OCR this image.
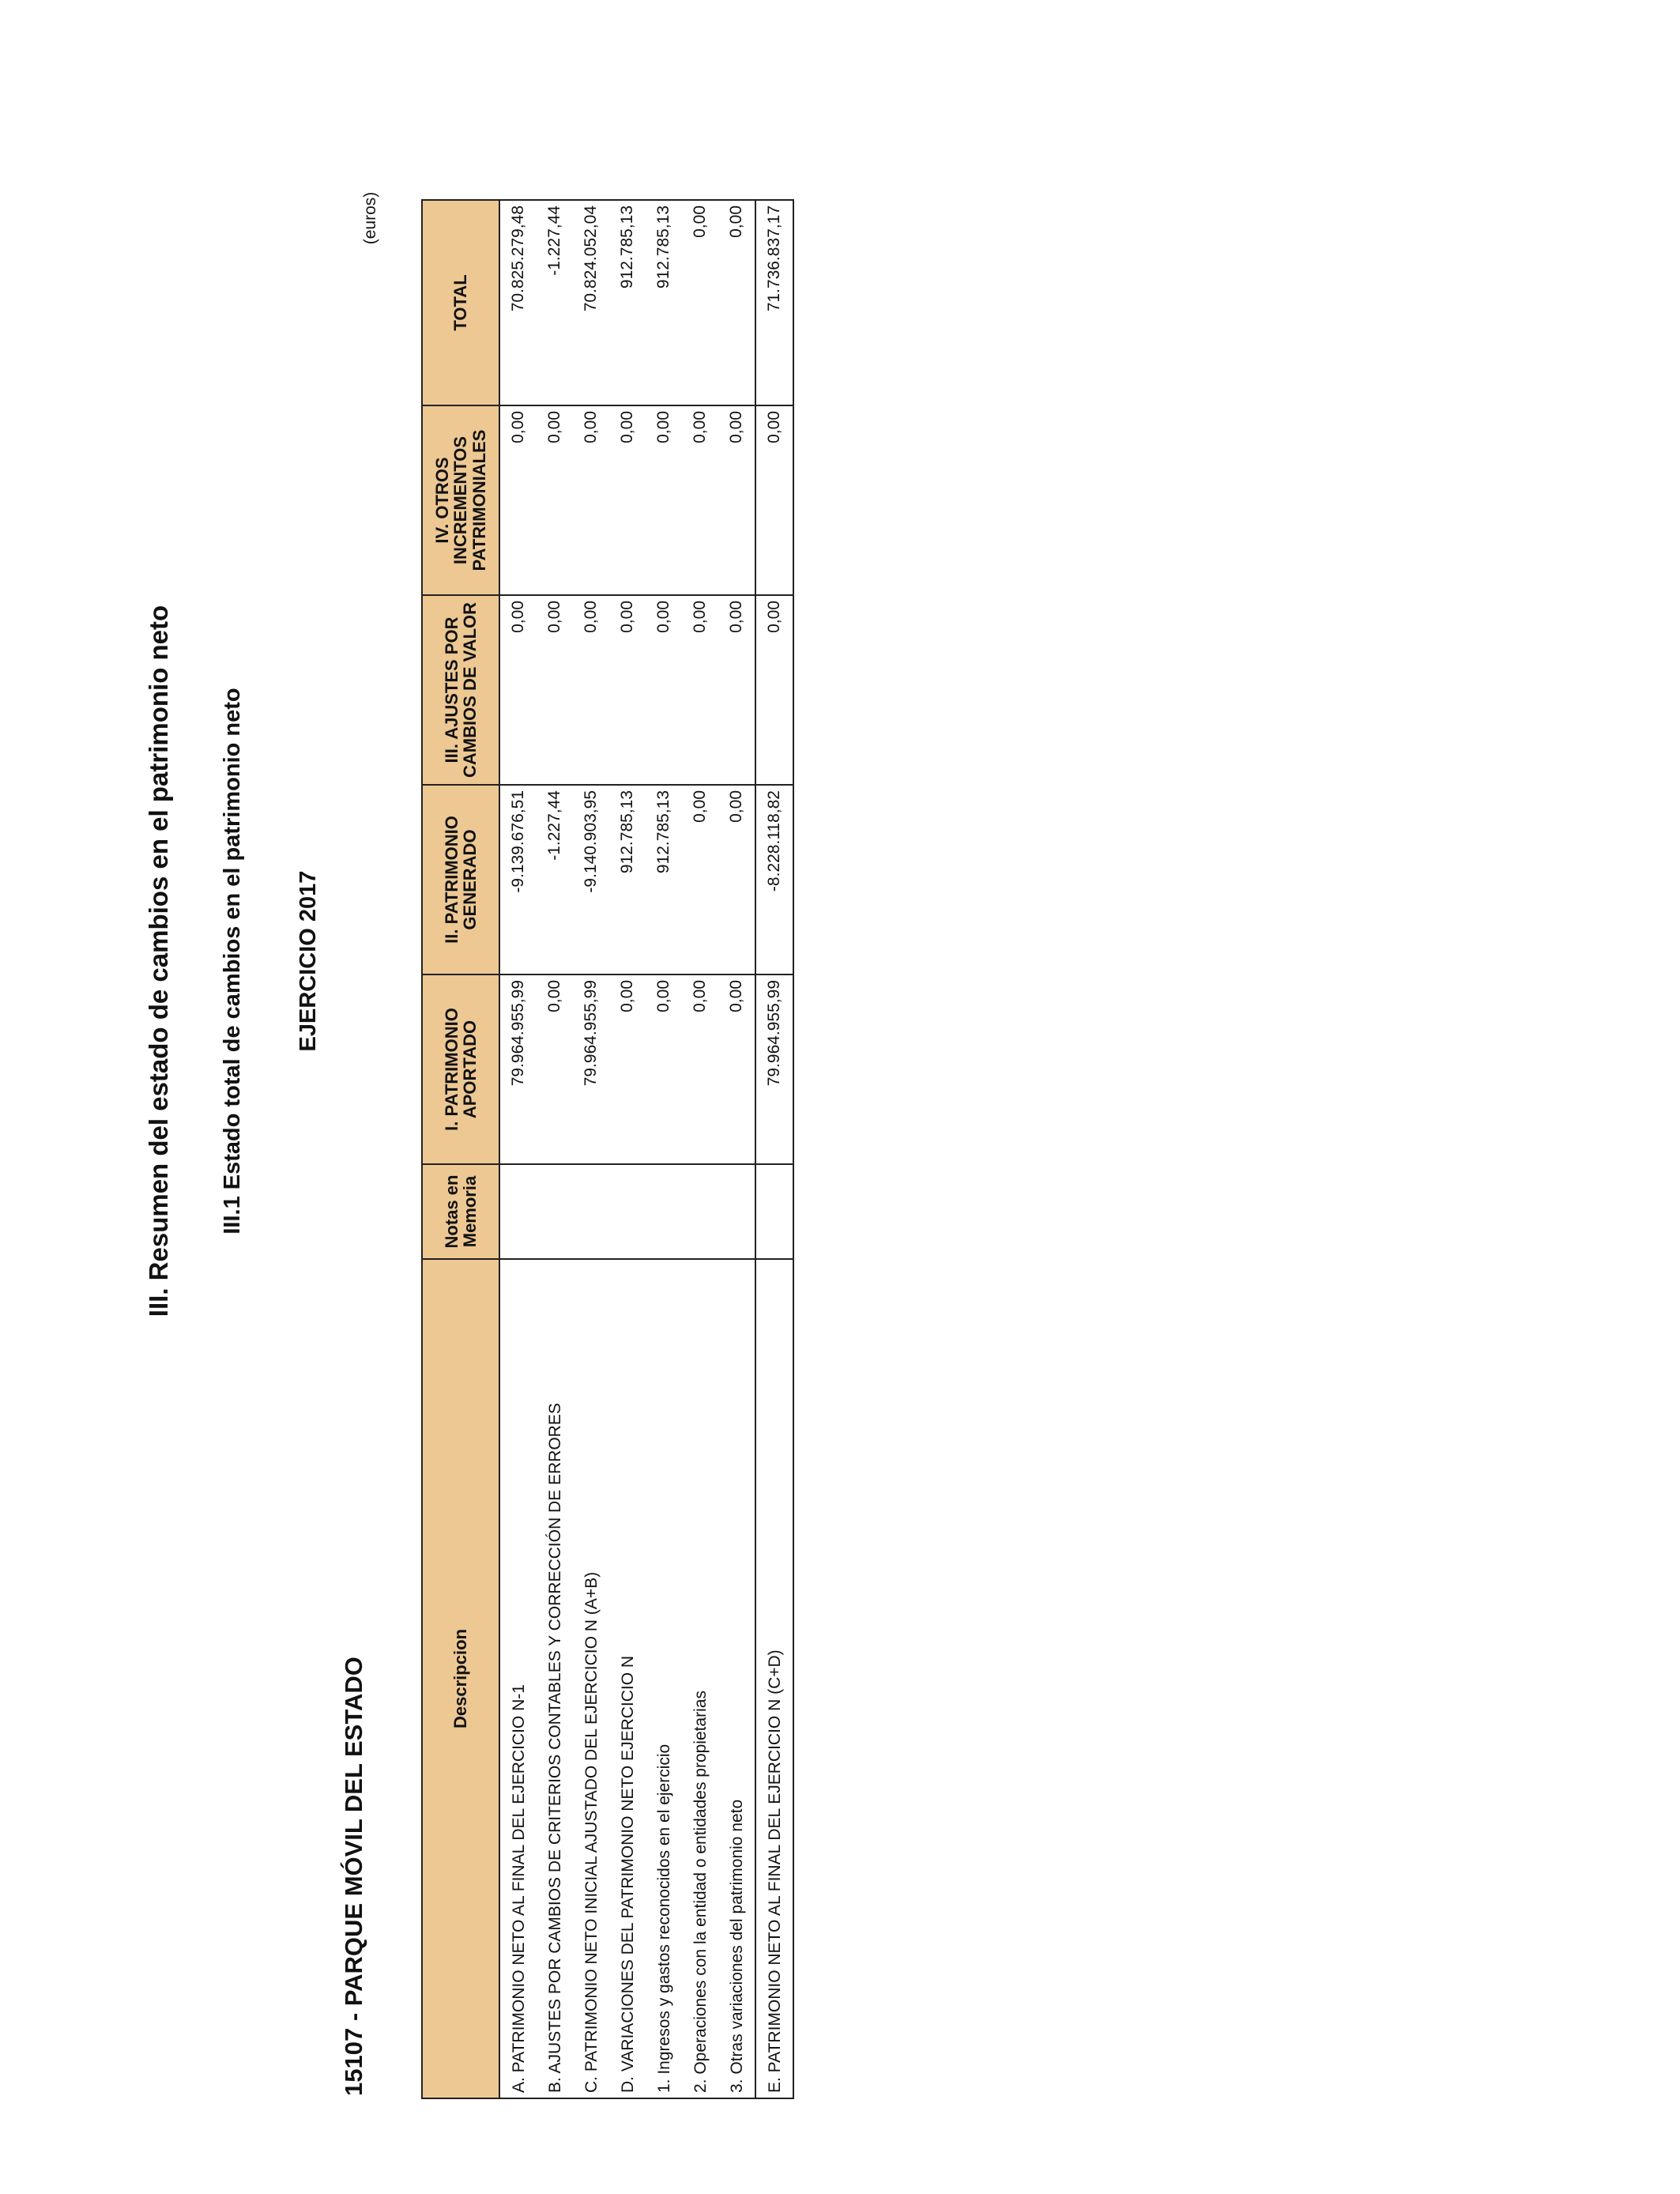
III. Resumen del estado de cambios en el patrimonio neto III.1 Estado total de cambios en el patrimonio neto EJERCICIO 2017
15107 - PARQUE MÓVIL DEL ESTADO
(euros)
Descripcion	Notas en Memoria	I. PATRIMONIO APORTADO	II. PATRIMONIO GENERADO	III. AJUSTES POR CAMBIOS DE VALOR	IV. OTROS INCREMENTOS PATRIMONIALES	TOTAL
A. PATRIMONIO NETO AL FINAL DEL EJERCICIO N-1		79.964.955,99	-9.139.676,51	0,00	0,00	70.825.279,48
B. AJUSTES POR CAMBIOS DE CRITERIOS CONTABLES Y CORRECCIÓN DE ERRORES		0,00	-1.227,44	0,00	0,00	-1.227,44
C. PATRIMONIO NETO INICIAL AJUSTADO DEL EJERCICIO N (A+B)		79.964.955,99	-9.140.903,95	0,00	0,00	70.824.052,04
D. VARIACIONES DEL PATRIMONIO NETO EJERCICIO N		0,00	912.785,13	0,00	0,00	912.785,13
1. Ingresos y gastos reconocidos en el ejercicio		0,00	912.785,13	0,00	0,00	912.785,13
2. Operaciones con la entidad o entidades propietarias		0,00	0,00	0,00	0,00	0,00
3. Otras variaciones del patrimonio neto		0,00	0,00	0,00	0,00	0,00
E. PATRIMONIO NETO AL FINAL DEL EJERCICIO N (C+D)		79.964.955,99	-8.228.118,82	0,00	0,00	71.736.837,17
